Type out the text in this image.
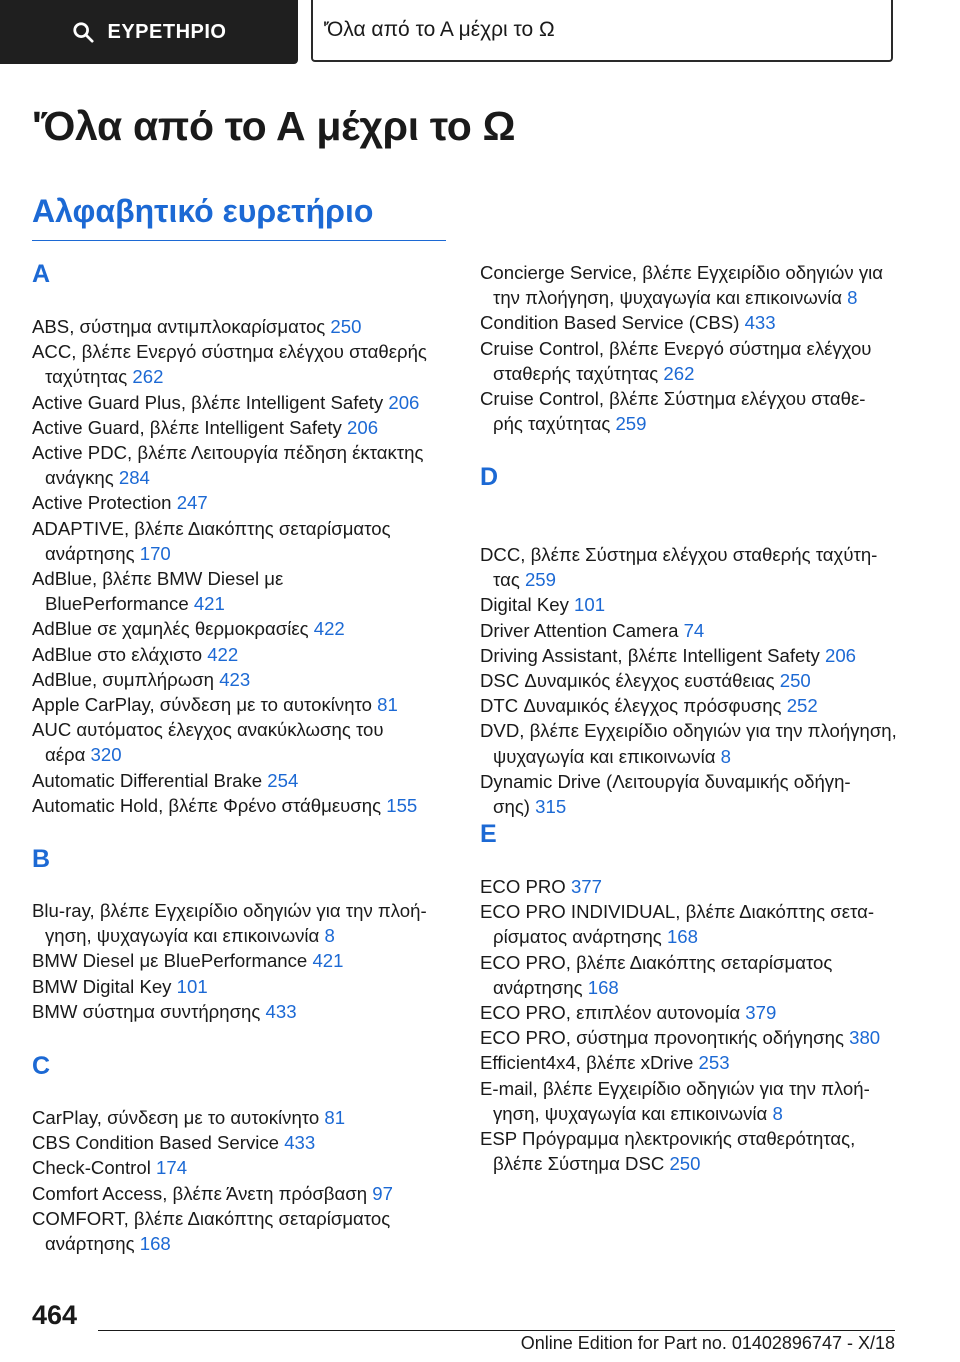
ΕΥΡΕΤΗΡΙΟ	'Όλα από το Α μέχρι το Ω
'Όλα από το Α μέχρι το Ω
Αλφαβητικό ευρετήριο
A
ABS, σύστημα αντιμπλοκαρίσματος 250
ACC, βλέπε Ενεργό σύστημα ελέγχου σταθερής
ταχύτητας 262
Active Guard Plus, βλέπε Intelligent Safety 206
Active Guard, βλέπε Intelligent Safety 206
Active PDC, βλέπε Λειτουργία πέδηση έκτακτης
ανάγκης 284
Active Protection 247
ADAPTIVE, βλέπε Διακόπτης σεταρίσματος
ανάρτησης 170
AdBlue, βλέπε BMW Diesel με
BluePerformance 421
AdBlue σε χαμηλές θερμοκρασίες 422
AdBlue στο ελάχιστο 422
AdBlue, συμπλήρωση 423
Apple CarPlay, σύνδεση με το αυτοκίνητο 81
AUC αυτόματος έλεγχος ανακύκλωσης του
αέρα 320
Automatic Differential Brake 254
Automatic Hold, βλέπε Φρένο στάθμευσης 155
B
Blu-ray, βλέπε Εγχειρίδιο οδηγιών για την πλοή-
γηση, ψυχαγωγία και επικοινωνία 8
BMW Diesel με BluePerformance 421
BMW Digital Key 101
BMW σύστημα συντήρησης 433
C
CarPlay, σύνδεση με το αυτοκίνητο 81
CBS Condition Based Service 433
Check-Control 174
Comfort Access, βλέπε Άνετη πρόσβαση 97
COMFORT, βλέπε Διακόπτης σεταρίσματος
ανάρτησης 168
Concierge Service, βλέπε Εγχειρίδιο οδηγιών για
την πλοήγηση, ψυχαγωγία και επικοινωνία 8
Condition Based Service (CBS) 433
Cruise Control, βλέπε Ενεργό σύστημα ελέγχου
σταθερής ταχύτητας 262
Cruise Control, βλέπε Σύστημα ελέγχου σταθε-
ρής ταχύτητας 259
D
DCC, βλέπε Σύστημα ελέγχου σταθερής ταχύτη-
τας 259
Digital Key 101
Driver Attention Camera 74
Driving Assistant, βλέπε Intelligent Safety 206
DSC Δυναμικός έλεγχος ευστάθειας 250
DTC Δυναμικός έλεγχος πρόσφυσης 252
DVD, βλέπε Εγχειρίδιο οδηγιών για την πλοήγηση,
ψυχαγωγία και επικοινωνία 8
Dynamic Drive (Λειτουργία δυναμικής οδήγη-
σης) 315
E
ECO PRO 377
ECO PRO INDIVIDUAL, βλέπε Διακόπτης σετα-
ρίσματος ανάρτησης 168
ECO PRO, βλέπε Διακόπτης σεταρίσματος
ανάρτησης 168
ECO PRO, επιπλέον αυτονομία 379
ECO PRO, σύστημα προνοητικής οδήγησης 380
Efficient4x4, βλέπε xDrive 253
E-mail, βλέπε Εγχειρίδιο οδηγιών για την πλοή-
γηση, ψυχαγωγία και επικοινωνία 8
ESP Πρόγραμμα ηλεκτρονικής σταθερότητας,
βλέπε Σύστημα DSC 250
464
Online Edition for Part no. 01402896747 - X/18
